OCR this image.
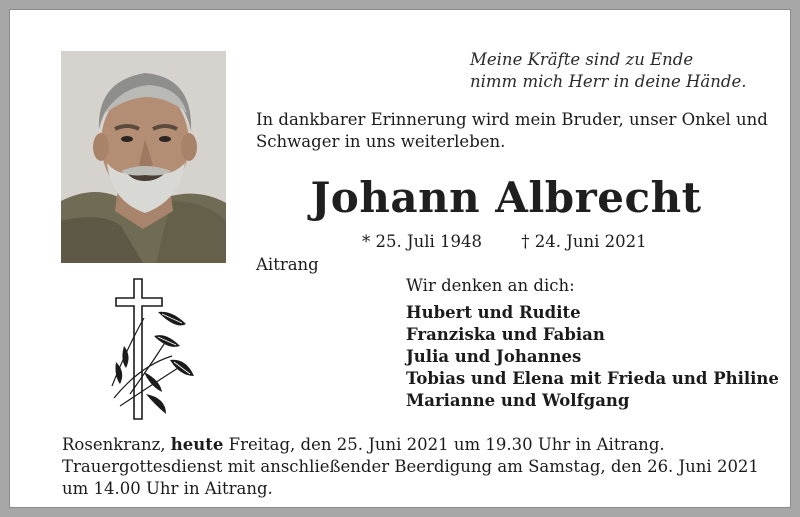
Meine Kräfte sind zu Ende
nimm mich Herr in deine Hände.
In dankbarer Erinnerung wird mein Bruder, unser Onkel und Schwager in uns weiterleben.
Johann Albrecht
* 25. Juli 1948 † 24. Juni 2021
Aitrang
Wir denken an dich:
Hubert und Rudite
Franziska und Fabian
Julia und Johannes
Tobias und Elena mit Frieda und Philine
Marianne und Wolfgang
Rosenkranz, heute Freitag, den 25. Juni 2021 um 19.30 Uhr in Aitrang.
Trauergottesdienst mit anschließender Beerdigung am Samstag, den 26. Juni 2021
um 14.00 Uhr in Aitrang.
